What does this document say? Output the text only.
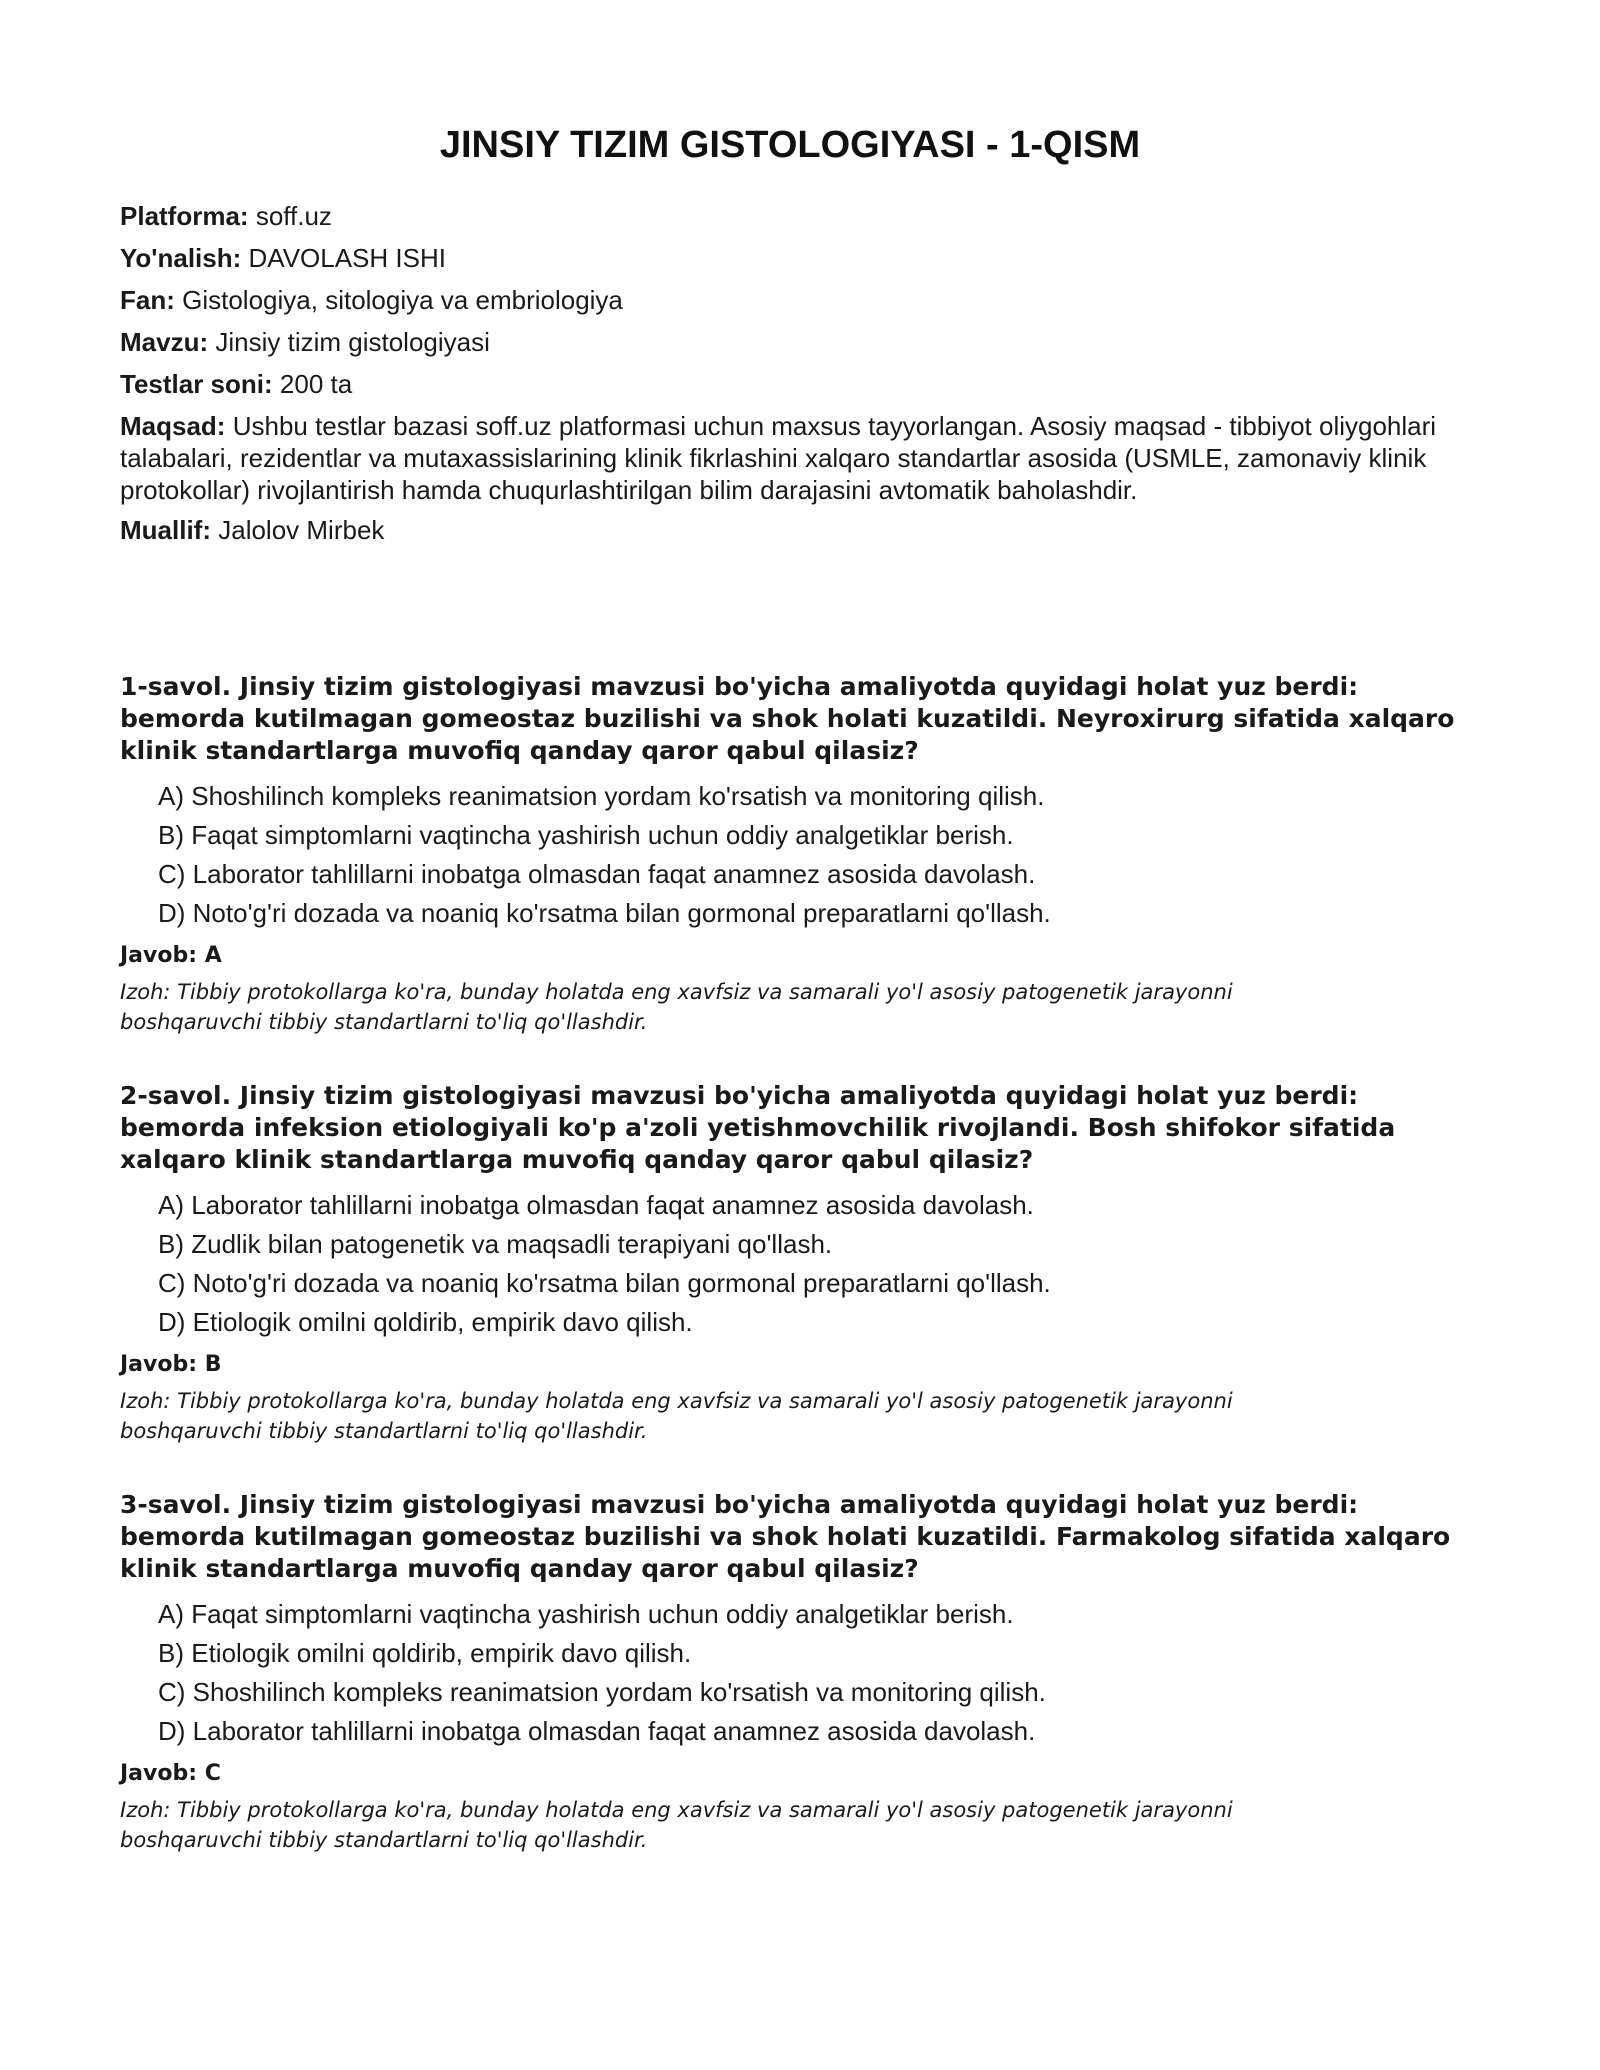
JINSIY TIZIM GISTOLOGIYASI - 1-QISM

Platforma: soff.uz

Yo'nalish: DAVOLASH ISHI

Fan: Gistologiya, sitologiya va embriologiya

Mavzu: Jinsiy tizim gistologiyasi

Testlar soni: 200 ta

Maqsad: Ushbu testlar bazasi soff.uz platformasi uchun maxsus tayyorlangan. Asosiy maqsad - tibbiyot oliygohlari talabalari, rezidentlar va mutaxassislarining klinik fikrlashini xalqaro standartlar asosida (USMLE, zamonaviy klinik protokollar) rivojlantirish hamda chuqurlashtirilgan bilim darajasini avtomatik baholashdir.

Muallif: Jalolov Mirbek

1-savol. Jinsiy tizim gistologiyasi mavzusi bo'yicha amaliyotda quyidagi holat yuz berdi: bemorda kutilmagan gomeostaz buzilishi va shok holati kuzatildi. Neyroxirurg sifatida xalqaro klinik standartlarga muvofiq qanday qaror qabul qilasiz?

A) Shoshilinch kompleks reanimatsion yordam ko'rsatish va monitoring qilish.
B) Faqat simptomlarni vaqtincha yashirish uchun oddiy analgetiklar berish.
C) Laborator tahlillarni inobatga olmasdan faqat anamnez asosida davolash.
D) Noto'g'ri dozada va noaniq ko'rsatma bilan gormonal preparatlarni qo'llash.
Javob: A
Izoh: Tibbiy protokollarga ko'ra, bunday holatda eng xavfsiz va samarali yo'l asosiy patogenetik jarayonni boshqaruvchi tibbiy standartlarni to'liq qo'llashdir.

2-savol. Jinsiy tizim gistologiyasi mavzusi bo'yicha amaliyotda quyidagi holat yuz berdi: bemorda infeksion etiologiyali ko'p a'zoli yetishmovchilik rivojlandi. Bosh shifokor sifatida xalqaro klinik standartlarga muvofiq qanday qaror qabul qilasiz?

A) Laborator tahlillarni inobatga olmasdan faqat anamnez asosida davolash.
B) Zudlik bilan patogenetik va maqsadli terapiyani qo'llash.
C) Noto'g'ri dozada va noaniq ko'rsatma bilan gormonal preparatlarni qo'llash.
D) Etiologik omilni qoldirib, empirik davo qilish.
Javob: B
Izoh: Tibbiy protokollarga ko'ra, bunday holatda eng xavfsiz va samarali yo'l asosiy patogenetik jarayonni boshqaruvchi tibbiy standartlarni to'liq qo'llashdir.

3-savol. Jinsiy tizim gistologiyasi mavzusi bo'yicha amaliyotda quyidagi holat yuz berdi: bemorda kutilmagan gomeostaz buzilishi va shok holati kuzatildi. Farmakolog sifatida xalqaro klinik standartlarga muvofiq qanday qaror qabul qilasiz?

A) Faqat simptomlarni vaqtincha yashirish uchun oddiy analgetiklar berish.
B) Etiologik omilni qoldirib, empirik davo qilish.
C) Shoshilinch kompleks reanimatsion yordam ko'rsatish va monitoring qilish.
D) Laborator tahlillarni inobatga olmasdan faqat anamnez asosida davolash.
Javob: C
Izoh: Tibbiy protokollarga ko'ra, bunday holatda eng xavfsiz va samarali yo'l asosiy patogenetik jarayonni boshqaruvchi tibbiy standartlarni to'liq qo'llashdir.
